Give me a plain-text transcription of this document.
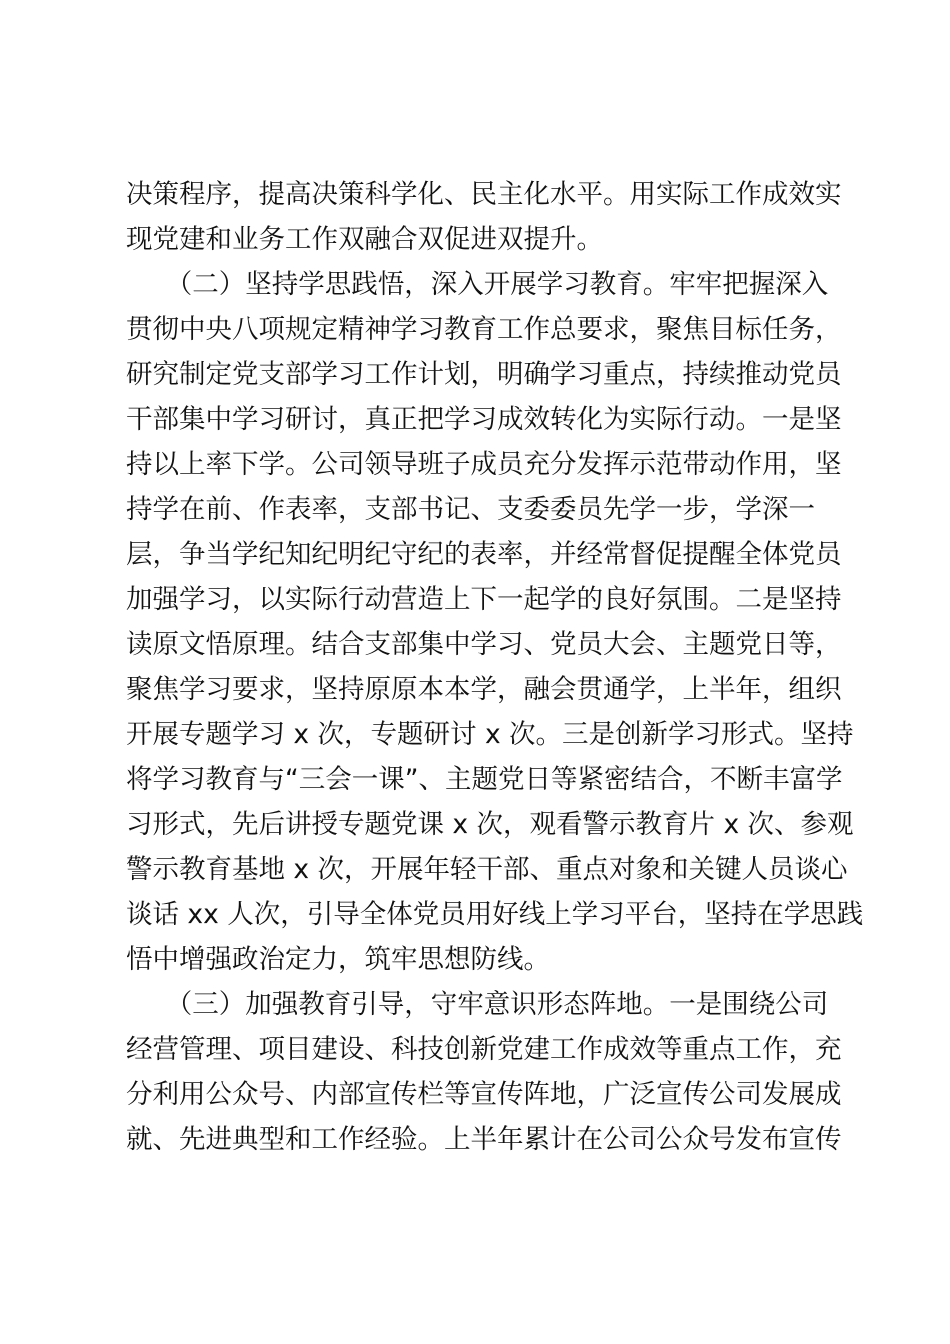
决策程序，提高决策科学化、民主化水平。用实际工作成效实
现党建和业务工作双融合双促进双提升。
　　（二）坚持学思践悟，深入开展学习教育。牢牢把握深入
贯彻中央八项规定精神学习教育工作总要求，聚焦目标任务，
研究制定党支部学习工作计划，明确学习重点，持续推动党员
干部集中学习研讨，真正把学习成效转化为实际行动。一是坚
持以上率下学。公司领导班子成员充分发挥示范带动作用，坚
持学在前、作表率，支部书记、支委委员先学一步，学深一
层，争当学纪知纪明纪守纪的表率，并经常督促提醒全体党员
加强学习，以实际行动营造上下一起学的良好氛围。二是坚持
读原文悟原理。结合支部集中学习、党员大会、主题党日等，
聚焦学习要求，坚持原原本本学，融会贯通学，上半年，组织
开展专题学习 x 次，专题研讨 x 次。三是创新学习形式。坚持
将学习教育与“三会一课”、主题党日等紧密结合，不断丰富学
习形式，先后讲授专题党课 x 次，观看警示教育片 x 次、参观
警示教育基地 x 次，开展年轻干部、重点对象和关键人员谈心
谈话 xx 人次，引导全体党员用好线上学习平台，坚持在学思践
悟中增强政治定力，筑牢思想防线。
　　（三）加强教育引导，守牢意识形态阵地。一是围绕公司
经营管理、项目建设、科技创新党建工作成效等重点工作，充
分利用公众号、内部宣传栏等宣传阵地，广泛宣传公司发展成
就、先进典型和工作经验。上半年累计在公司公众号发布宣传
